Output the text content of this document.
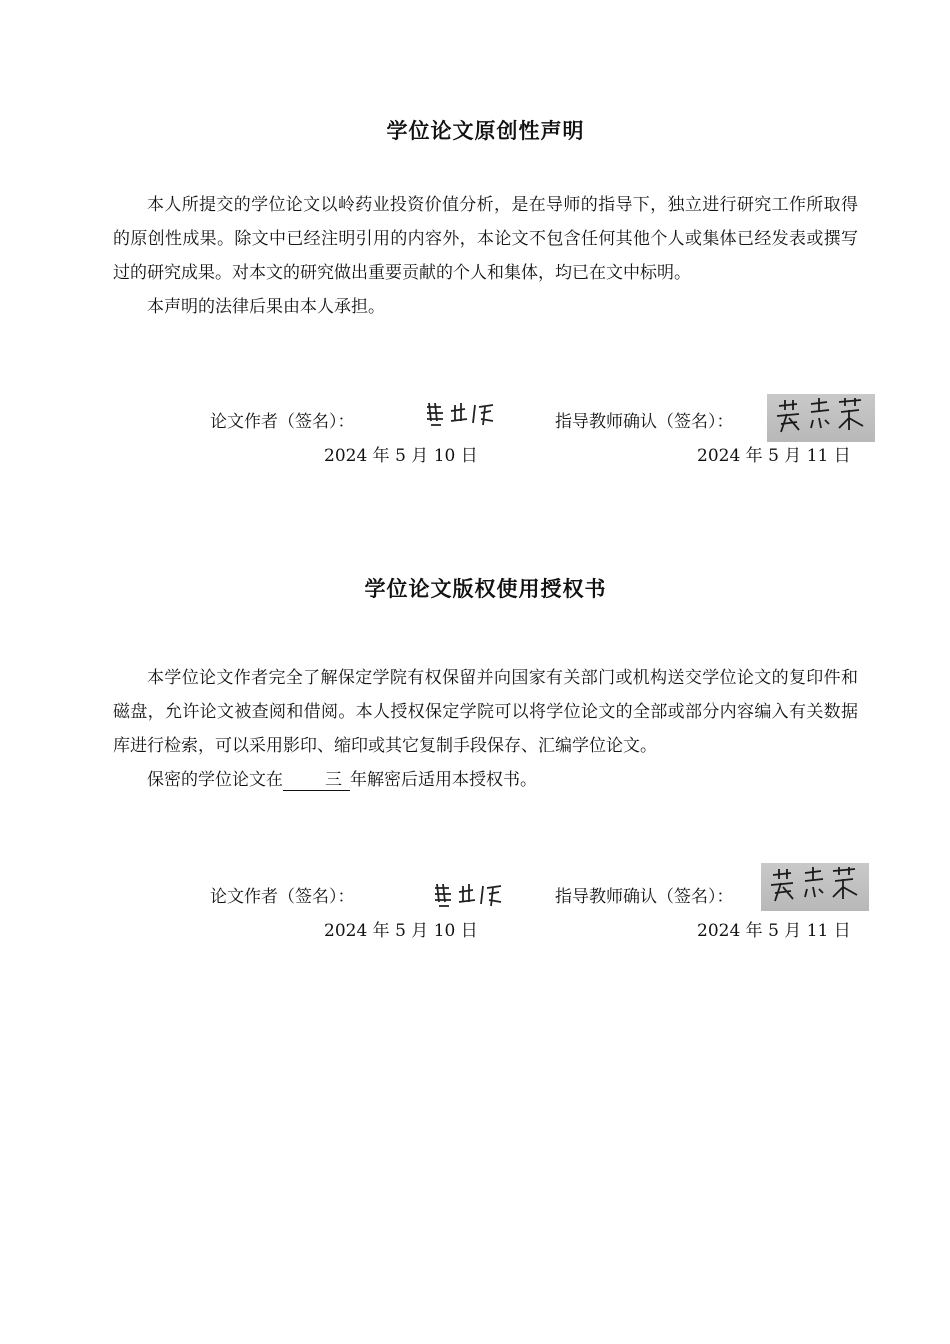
学位论文原创性声明

本人所提交的学位论文以岭药业投资价值分析，是在导师的指导下，独立进行研究工作所取得的原创性成果。除文中已经注明引用的内容外，本论文不包含任何其他个人或集体已经发表或撰写过的研究成果。对本文的研究做出重要贡献的个人和集体，均已在文中标明。

本声明的法律后果由本人承担。

论文作者（签名）：	指导教师确认（签名）：
2024 年 5 月 10 日	2024 年 5 月 11 日
学位论文版权使用授权书

本学位论文作者完全了解保定学院有权保留并向国家有关部门或机构送交学位论文的复印件和磁盘，允许论文被查阅和借阅。本人授权保定学院可以将学位论文的全部或部分内容编入有关数据库进行检索，可以采用影印、缩印或其它复制手段保存、汇编学位论文。

保密的学位论文在 三 年解密后适用本授权书。

论文作者（签名）：	指导教师确认（签名）：
2024 年 5 月 10 日	2024 年 5 月 11 日
